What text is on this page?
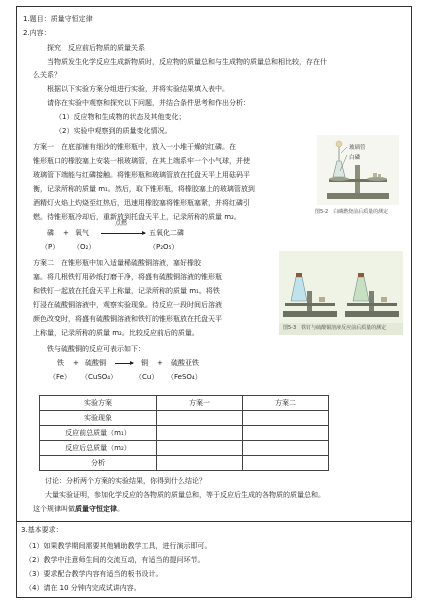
1.题目：质量守恒定律
2.内容：
探究　反应前后物质的质量关系
当物质发生化学反应生成新物质时，反应物的质量总和与生成物的质量总和相比较，存在什
么关系？
根据以下实验方案分组进行实验，并将实验结果填入表中。
请你在实验中观察和探究以下问题，并结合条件思考和作出分析：
（1）反应物和生成物的状态及其他变化；
（2）实验中观察到的质量变化情况。
方案一　在底部铺有细沙的锥形瓶中，放入一小堆干燥的红磷。在
锥形瓶口的橡胶塞上安装一根玻璃管，在其上端系牢一个小气球，并使
玻璃管下端能与红磷接触。将锥形瓶和玻璃管放在托盘天平上用砝码平
衡，记录所称的质量 m₁。然后，取下锥形瓶，将橡胶塞上的玻璃管放到
酒精灯火焰上灼烧至红热后，迅速用橡胶塞将锥形瓶塞紧，并将红磷引
燃。待锥形瓶冷却后，重新放到托盘天平上，记录所称的质量 m₂。
玻璃管
白磷
图5-2　白磷燃烧前后质量的测定
磷 + 氧气
点燃
五氧化二磷
（P） （O₂）	（P₂O₅）
方案二　在锥形瓶中加入适量稀硫酸铜溶液，塞好橡胶
塞。将几根铁钉用砂纸打磨干净，将盛有硫酸铜溶液的锥形瓶
和铁钉一起放在托盘天平上称量，记录所称的质量 m₁。将铁
钉浸在硫酸铜溶液中，观察实验现象。待反应一段时间后溶液
颜色改变时，将盛有硫酸铜溶液和铁钉的锥形瓶放在托盘天平
上称量，记录所称的质量 m₂。比较反应前后的质量。
图5-3　铁钉与硫酸铜溶液反应前后质量的测定
铁与硫酸铜的反应可表示如下：
铁 + 硫酸铜	铜 + 硫酸亚铁
（Fe） （CuSO₄）	（Cu） （FeSO₄）
实验方案	方案一	方案二
实验现象		
反应前总质量（m₁）		
反应后总质量（m₂）		
分析		
讨论：分析两个方案的实验结果，你得到什么结论？
大量实验证明，参加化学反应的各物质的质量总和，等于反应后生成的各物质的质量总和。
这个规律叫做质量守恒定律。
3.基本要求：
（1）如果教学期间需要其他辅助教学工具，进行演示即可。
（2）教学中注意师生间的交流互动，有适当的提问环节。
（3）要求配合教学内容有适当的板书设计。
（4）请在 10 分钟内完成试讲内容。
